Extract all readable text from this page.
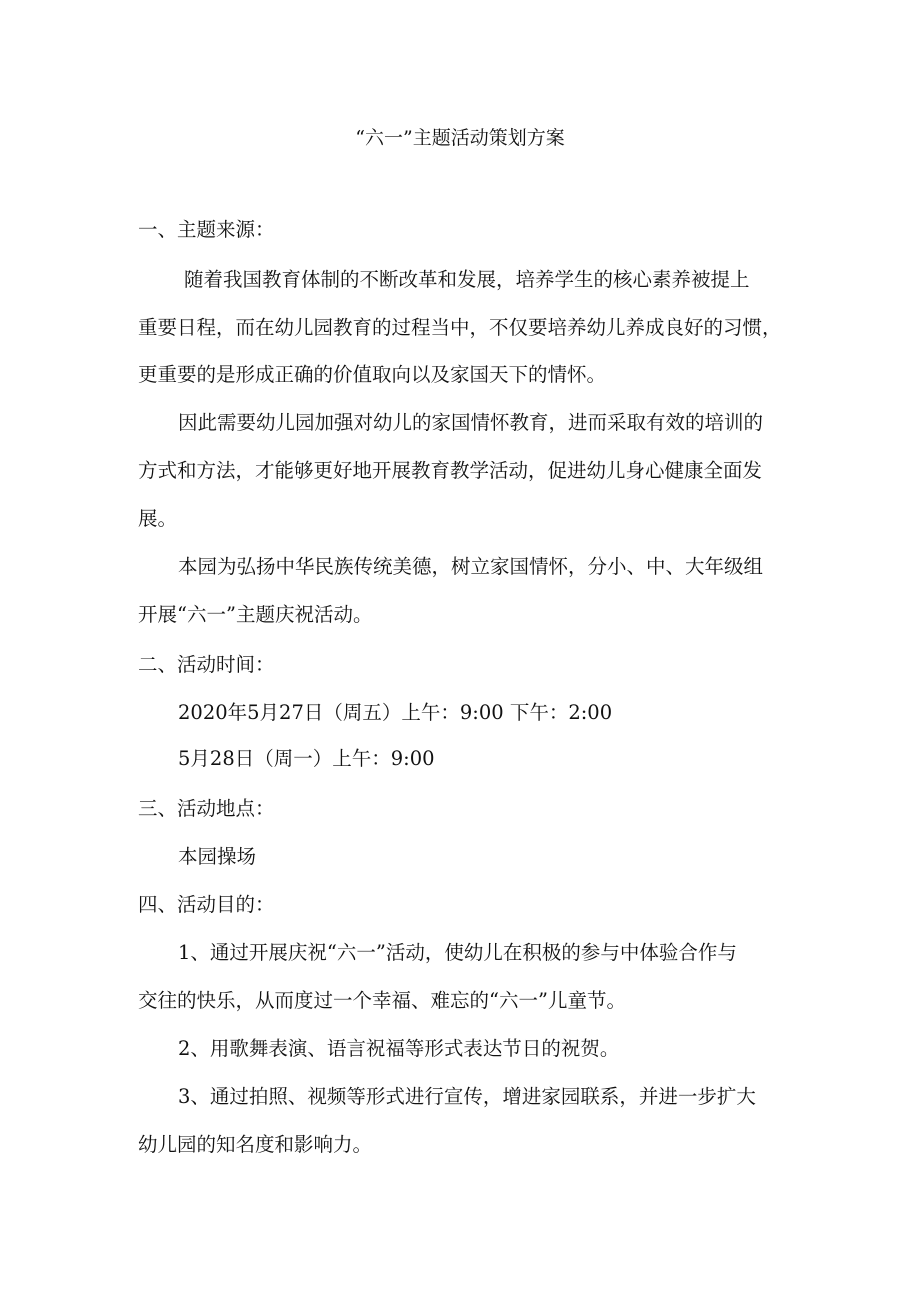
“六一”主题活动策划方案
一、主题来源：
随着我国教育体制的不断改革和发展，培养学生的核心素养被提上
重要日程，而在幼儿园教育的过程当中，不仅要培养幼儿养成良好的习惯，
更重要的是形成正确的价值取向以及家国天下的情怀。
因此需要幼儿园加强对幼儿的家国情怀教育，进而采取有效的培训的
方式和方法，才能够更好地开展教育教学活动，促进幼儿身心健康全面发
展。
本园为弘扬中华民族传统美德，树立家国情怀，分小、中、大年级组
开展“六一”主题庆祝活动。
二、活动时间：
2020年5月27日（周五）上午：9:00 下午：2:00
5月28日（周一）上午：9:00
三、活动地点：
本园操场
四、活动目的：
1、通过开展庆祝“六一”活动，使幼儿在积极的参与中体验合作与
交往的快乐，从而度过一个幸福、难忘的“六一”儿童节。
2、用歌舞表演、语言祝福等形式表达节日的祝贺。
3、通过拍照、视频等形式进行宣传，增进家园联系，并进一步扩大
幼儿园的知名度和影响力。
